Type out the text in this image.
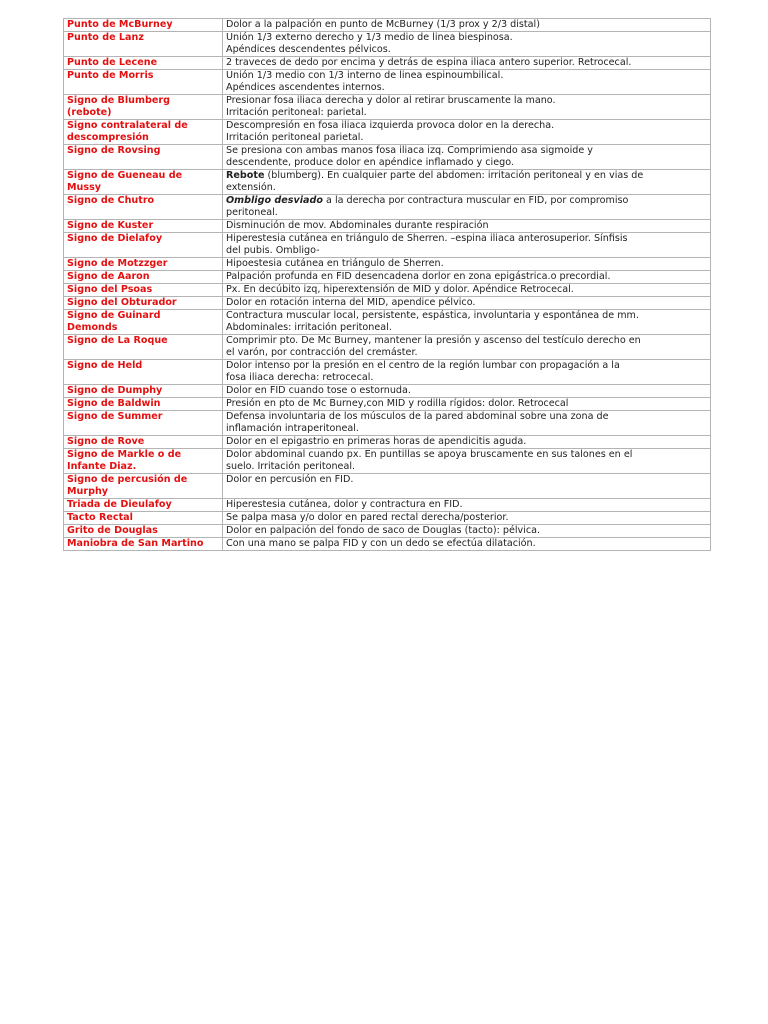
Punto de McBurney	Dolor a la palpación en punto de McBurney (1/3 prox y 2/3 distal)
Punto de Lanz	Unión 1/3 externo derecho y 1/3 medio de linea biespinosa.
Apéndices descendentes pélvicos.
Punto de Lecene	2 traveces de dedo por encima y detrás de espina iliaca antero superior. Retrocecal.
Punto de Morris	Unión 1/3 medio con 1/3 interno de linea espinoumbilical.
Apéndices ascendentes internos.
Signo de Blumberg
(rebote)	Presionar fosa iliaca derecha y dolor al retirar bruscamente la mano.
Irritación peritoneal: parietal.
Signo contralateral de
descompresión	Descompresión en fosa iliaca izquierda provoca dolor en la derecha.
Irritación peritoneal parietal.
Signo de Rovsing	Se presiona con ambas manos fosa iliaca izq. Comprimiendo asa sigmoide y
descendente, produce dolor en apéndice inflamado y ciego.
Signo de Gueneau de
Mussy	Rebote (blumberg). En cualquier parte del abdomen: irritación peritoneal y en vias de
extensión.
Signo de Chutro	Ombligo desviado a la derecha por contractura muscular en FID, por compromiso
peritoneal.
Signo de Kuster	Disminución de mov. Abdominales durante respiración
Signo de Dielafoy	Hiperestesia cutánea en triángulo de Sherren. –espina iliaca anterosuperior. Sínfisis
del pubis. Ombligo-
Signo de Motzzger	Hipoestesia cutánea en triángulo de Sherren.
Signo de Aaron	Palpación profunda en FID desencadena dorlor en zona epigástrica.o precordial.
Signo del Psoas	Px. En decúbito izq, hiperextensión de MID y dolor. Apéndice Retrocecal.
Signo del Obturador	Dolor en rotación interna del MID, apendice pélvico.
Signo de Guinard
Demonds	Contractura muscular local, persistente, espástica, involuntaria y espontánea de mm.
Abdominales: irritación peritoneal.
Signo de La Roque	Comprimir pto. De Mc Burney, mantener la presión y ascenso del testículo derecho en
el varón, por contracción del cremáster.
Signo de Held	Dolor intenso por la presión en el centro de la región lumbar con propagación a la
fosa iliaca derecha: retrocecal.
Signo de Dumphy	Dolor en FID cuando tose o estornuda.
Signo de Baldwin	Presión en pto de Mc Burney,con MID y rodilla rígidos: dolor. Retrocecal
Signo de Summer	Defensa involuntaria de los músculos de la pared abdominal sobre una zona de
inflamación intraperitoneal.
Signo de Rove	Dolor en el epigastrio en primeras horas de apendicitis aguda.
Signo de Markle o de
Infante Diaz.	Dolor abdominal cuando px. En puntillas se apoya bruscamente en sus talones en el
suelo. Irritación peritoneal.
Signo de percusión de
Murphy	Dolor en percusión en FID.
Triada de Dieulafoy	Hiperestesia cutánea, dolor y contractura en FID.
Tacto Rectal	Se palpa masa y/o dolor en pared rectal derecha/posterior.
Grito de Douglas	Dolor en palpación del fondo de saco de Douglas (tacto): pélvica.
Maniobra de San Martino	Con una mano se palpa FID y con un dedo se efectúa dilatación.
